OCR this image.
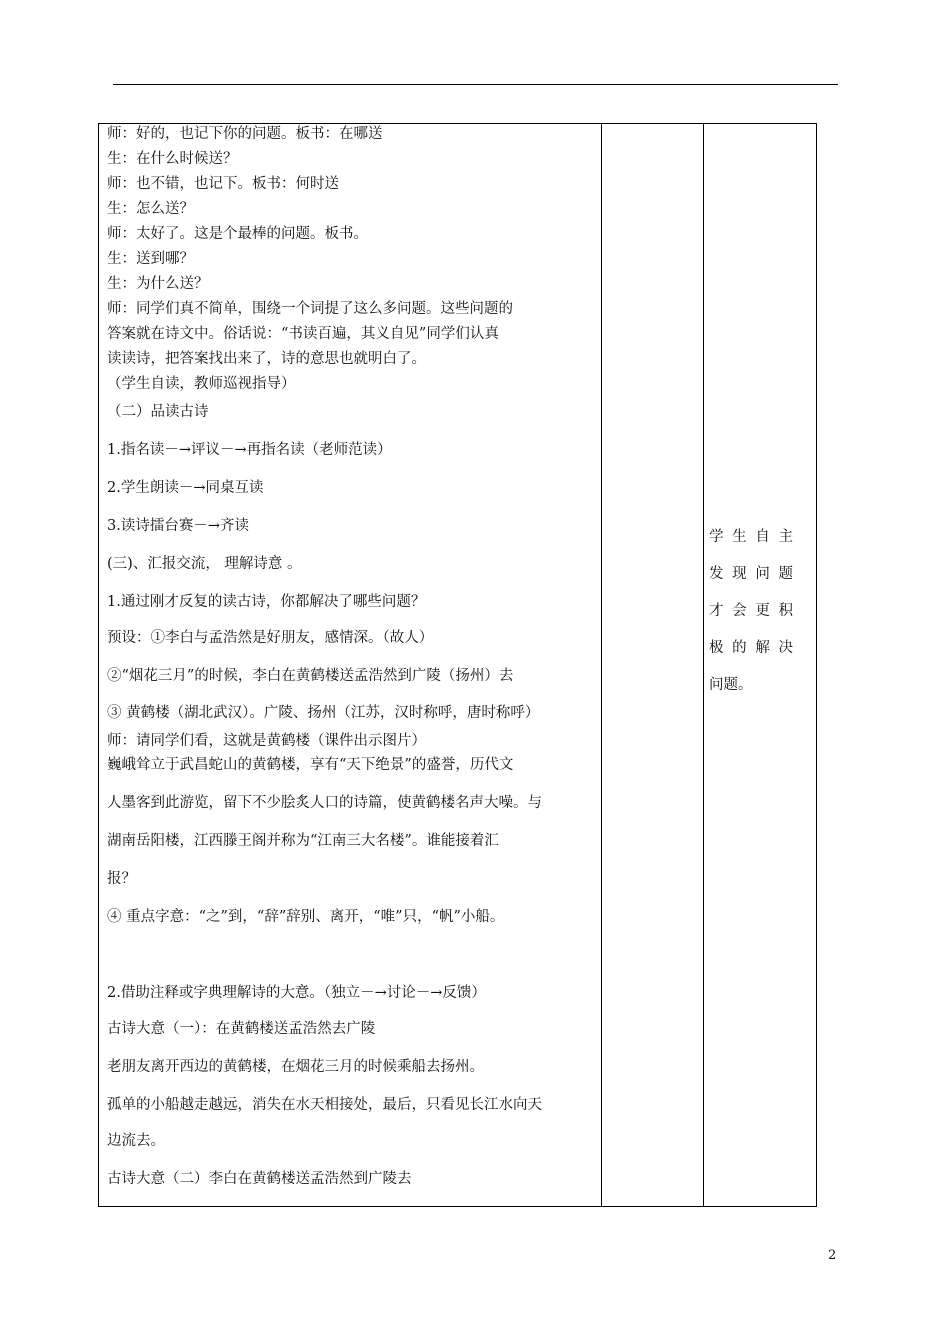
师：好的，也记下你的问题。板书：在哪送
生：在什么时候送？
师：也不错，也记下。板书：何时送
生：怎么送？
师：太好了。这是个最棒的问题。板书。
生：送到哪？
生：为什么送？
师：同学们真不简单，围绕一个词提了这么多问题。这些问题的
答案就在诗文中。俗话说：“书读百遍，其义自见”同学们认真
读读诗，把答案找出来了，诗的意思也就明白了。
（学生自读，教师巡视指导）
（二）品读古诗
1.指名读－→评议－→再指名读（老师范读）
2.学生朗读－→同桌互读
3.读诗擂台赛－→齐读
(三)、汇报交流， 理解诗意 。
1.通过刚才反复的读古诗，你都解决了哪些问题？
预设：①李白与孟浩然是好朋友，感情深。（故人）
②“烟花三月”的时候，李白在黄鹤楼送孟浩然到广陵（扬州）去
③ 黄鹤楼（湖北武汉）。广陵、扬州（江苏，汉时称呼，唐时称呼）
师：请同学们看，这就是黄鹤楼（课件出示图片）
巍峨耸立于武昌蛇山的黄鹤楼，享有“天下绝景”的盛誉，历代文
人墨客到此游览，留下不少脍炙人口的诗篇，使黄鹤楼名声大噪。与
湖南岳阳楼，江西滕王阁并称为“江南三大名楼”。谁能接着汇
报？
④ 重点字意：“之”到，“辞”辞别、离开，“唯”只，“帆”小船。
2.借助注释或字典理解诗的大意。（独立－→讨论－→反馈）
古诗大意（一）：在黄鹤楼送孟浩然去广陵
老朋友离开西边的黄鹤楼，在烟花三月的时候乘船去扬州。
孤单的小船越走越远，消失在水天相接处，最后，只看见长江水向天
边流去。
古诗大意（二）李白在黄鹤楼送孟浩然到广陵去
学生自主
发现问题
才会更积
极的解决
问题。
2
